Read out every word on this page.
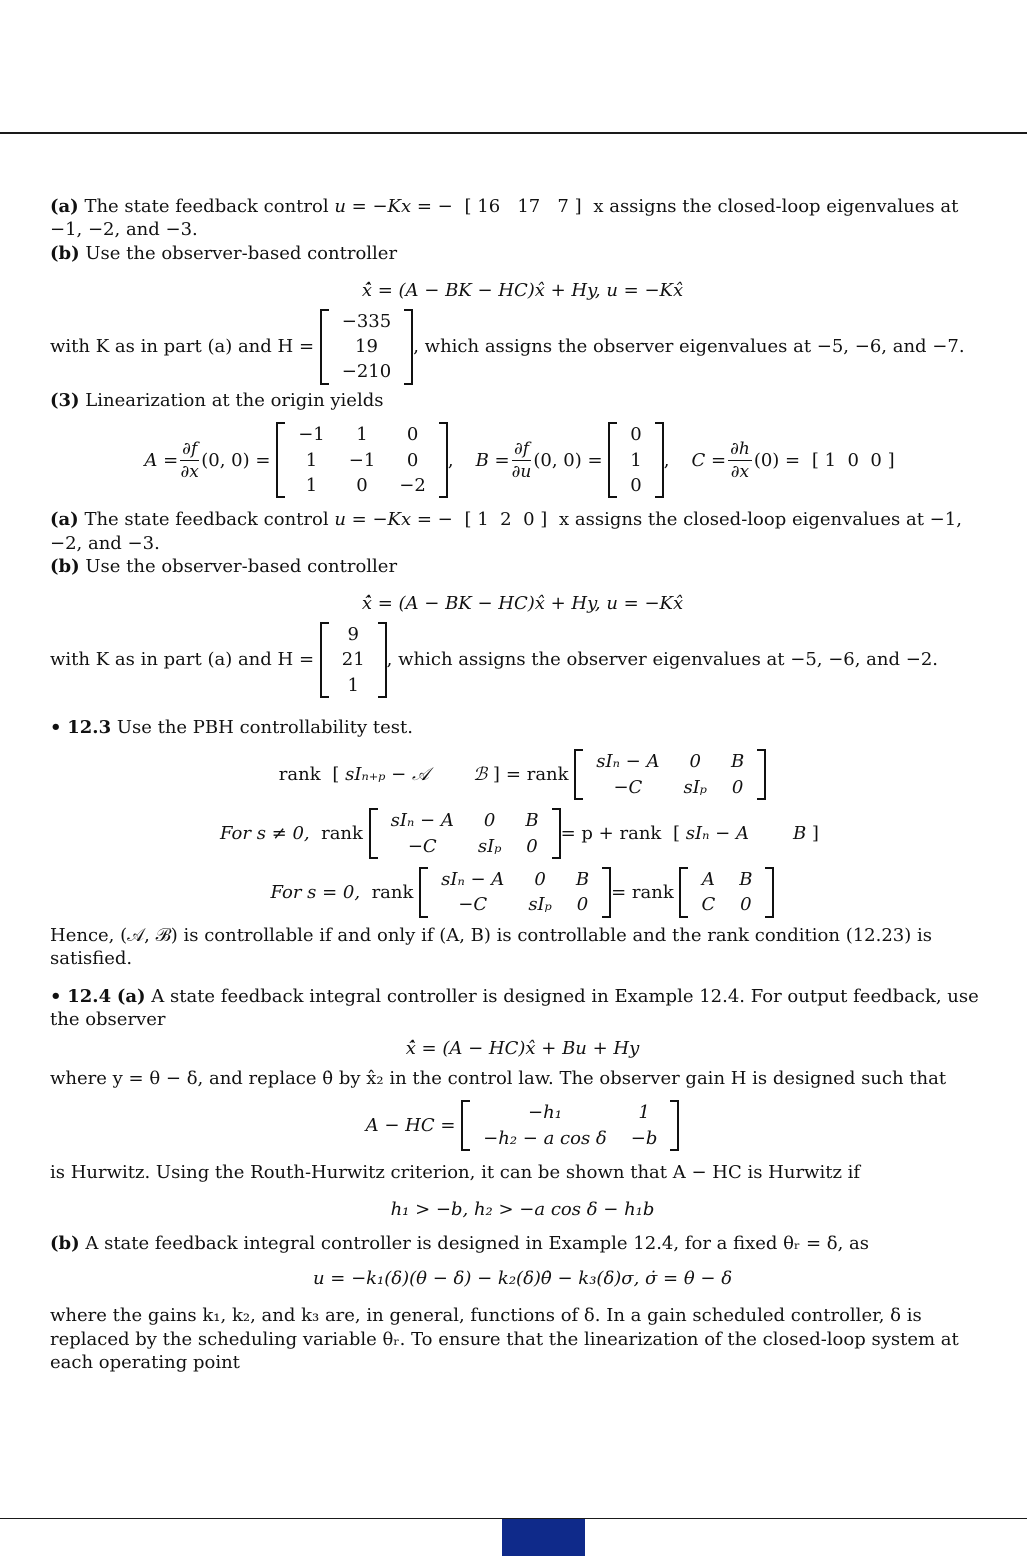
(a) The state feedback control u = −Kx = − [ 16 17 7 ] x assigns the closed-loop eigenvalues at −1, −2, and −3.

(b) Use the observer-based controller

x̂̇ = (A − BK − HC)x̂ + Hy, u = −Kx̂
with K as in part (a) and H =

−335
19
−210
, which assigns the observer eigenvalues at −5, −6, and −7.

(3) Linearization at the origin yields

$A = \frac{\partial f}{\partial x} (0$, 0) =

−1	1	0
1	−1	0
1	0	−2
, $B = \frac{\partial f}{\partial u} (0$, 0) =

0
1
0
, $C = \frac{\partial h}{\partial x} (0)$ =
[ 1 0 0 ]

(a) The state feedback control u = −Kx = − [ 1 2 0 ] x assigns the closed-loop eigenvalues at −1, −2, and −3.

(b) Use the observer-based controller

x̂̇ = (A − BK − HC)x̂ + Hy, u = −Kx̂
with K as in part (a) and H =

9
21
1
, which assigns the observer eigenvalues at −5, −6, and −2.

• 12.3 Use the PBH controllability test.

rank
[ sIₙ₊ₚ − 𝒜 ℬ ] = rank

sIₙ − A	0	B
−C	sIₚ	0
For s ≠ 0,
rank

sIₙ − A	0	B
−C	sIₚ	0
= p + rank
[ sIₙ − A B ]
For s = 0,
rank

sIₙ − A	0	B
−C	sIₚ	0
= rank

A	B
C	0

Hence, (𝒜, ℬ) is controllable if and only if (A, B) is controllable and the rank condition (12.23) is satisfied.

• 12.4 (a) A state feedback integral controller is designed in Example 12.4. For output feedback, use the observer

x̂̇ = (A − HC)x̂ + Bu + Hy

where y = θ − δ, and replace θ̇ by x̂₂ in the control law. The observer gain H is designed such that

A − HC =

−h₁	1
−h₂ − a cos δ	−b

is Hurwitz. Using the Routh-Hurwitz criterion, it can be shown that A − HC is Hurwitz if

h₁ > −b, h₂ > −a cos δ − h₁b

(b) A state feedback integral controller is designed in Example 12.4, for a fixed θᵣ = δ, as

u = −k₁(δ)(θ − δ) − k₂(δ)θ̇ − k₃(δ)σ, σ̇ = θ − δ

where the gains k₁, k₂, and k₃ are, in general, functions of δ. In a gain scheduled controller, δ is replaced by the scheduling variable θᵣ. To ensure that the linearization of the closed-loop system at each operating point
